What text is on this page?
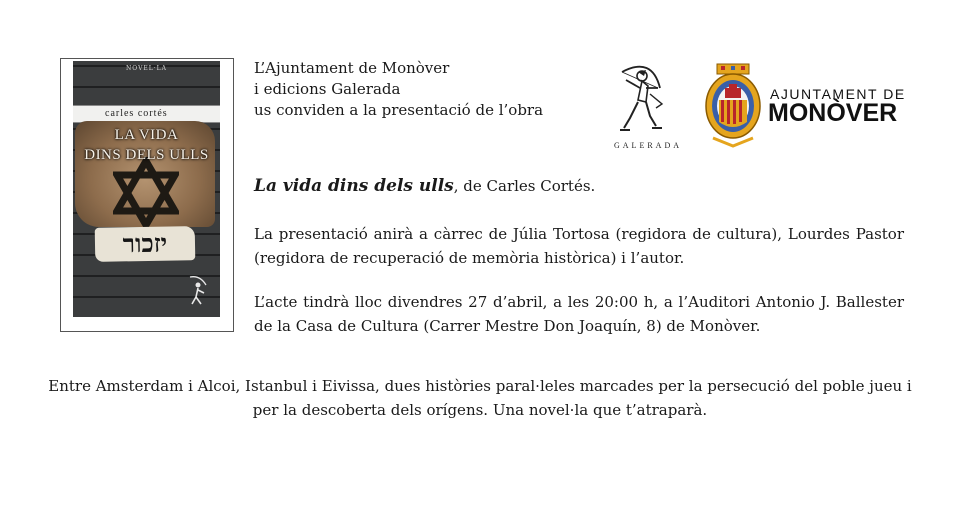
NOVEL·LA
carles cortés
LA VIDA
DINS DELS ULLS
יזכור
L’Ajuntament de Monòver
i edicions Galerada
us conviden a la presentació de l’obra
GALERADA
AJUNTAMENT DE
MONÒVER
La vida dins dels ulls, de Carles Cortés.
La presentació anirà a càrrec de Júlia Tortosa (regidora de cultura), Lourdes Pastor (regidora de recuperació de memòria històrica) i l’autor.
L’acte tindrà lloc divendres 27 d’abril, a les 20:00 h, a l’Auditori Antonio J. Ballester de la Casa de Cultura (Carrer Mestre Don Joaquín, 8) de Monòver.
Entre Amsterdam i Alcoi, Istanbul i Eivissa, dues històries paral·leles marcades per la persecució del poble jueu i per la descoberta dels orígens. Una novel·la que t’atraparà.
